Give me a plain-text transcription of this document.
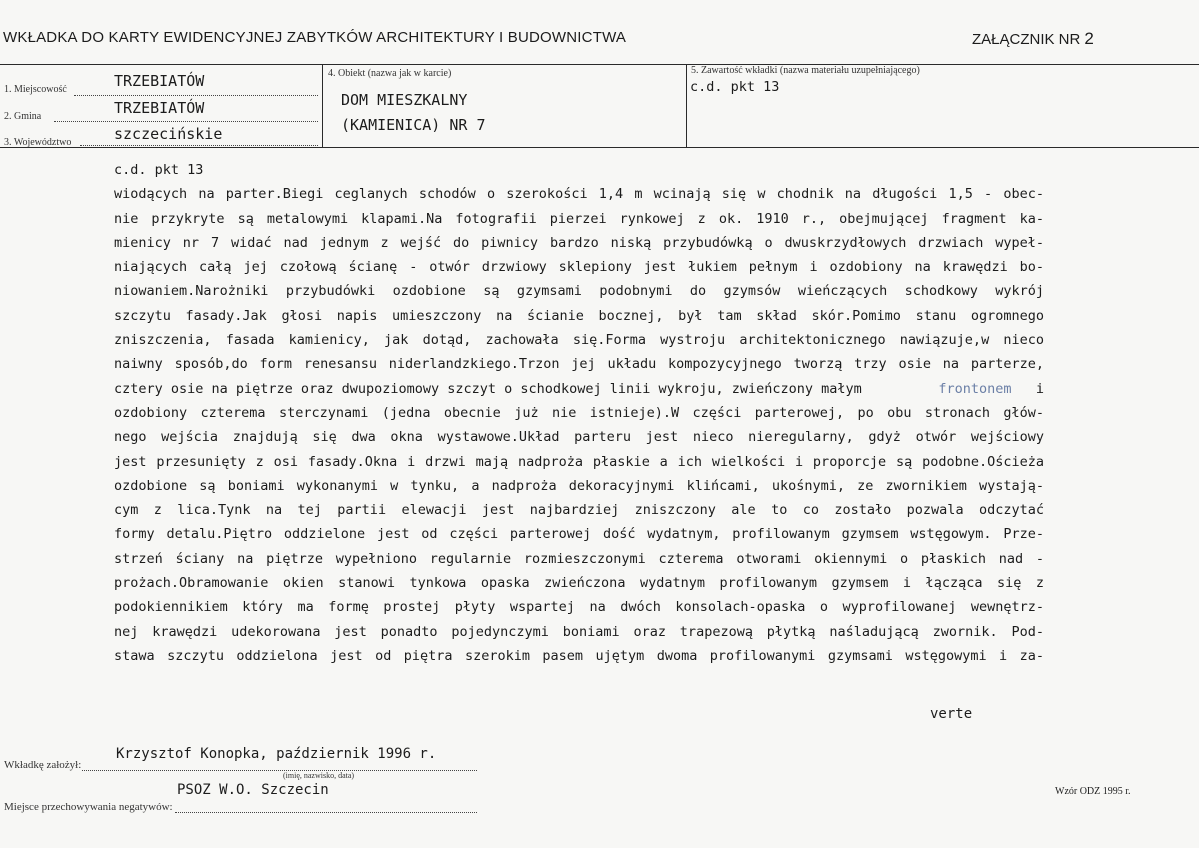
WKŁADKA DO KARTY EWIDENCYJNEJ ZABYTKÓW ARCHITEKTURY I BUDOWNICTWA	ZAŁĄCZNIK NR 2
1. Miejscowość	TRZEBIATÓW
2. Gmina	TRZEBIATÓW
3. Województwo	szczecińskie
4. Obiekt (nazwa jak w karcie)
DOM MIESZKALNY
(KAMIENICA) NR 7
5. Zawartość wkładki (nazwa materiału uzupełniającego)
c.d. pkt 13
c.d. pkt 13
wiodących na parter.Biegi ceglanych schodów o szerokości 1,4 m wcinają się w chodnik na długości 1,5 - obec-
nie przykryte są metalowymi klapami.Na fotografii pierzei rynkowej z ok. 1910 r., obejmującej fragment ka-
mienicy nr 7 widać nad jednym z wejść do piwnicy bardzo niską przybudówką o dwuskrzydłowych drzwiach wypeł-
niających całą jej czołową ścianę - otwór drzwiowy sklepiony jest łukiem pełnym i ozdobiony na krawędzi bo-
niowaniem.Narożniki przybudówki ozdobione są gzymsami podobnymi do gzymsów wieńczących schodkowy wykrój
szczytu fasady.Jak głosi napis umieszczony na ścianie bocznej, był tam skład skór.Pomimo stanu ogromnego
zniszczenia, fasada kamienicy, jak dotąd, zachowała się.Forma wystroju architektonicznego nawiązuje,w nieco
naiwny sposób,do form renesansu niderlandzkiego.Trzon jej układu kompozycyjnego tworzą trzy osie na parterze,
cztery osie na piętrze oraz dwupoziomowy szczyt o schodkowej linii wykroju, zwieńczony małym	frontonem i
ozdobiony czterema sterczynami (jedna obecnie już nie istnieje).W części parterowej, po obu stronach głów-
nego wejścia znajdują się dwa okna wystawowe.Układ parteru jest nieco nieregularny, gdyż otwór wejściowy
jest przesunięty z osi fasady.Okna i drzwi mają nadproża płaskie a ich wielkości i proporcje są podobne.Ościeża
ozdobione są boniami wykonanymi w tynku, a nadproża dekoracyjnymi klińcami, ukośnymi, ze zwornikiem wystają-
cym z lica.Tynk na tej partii elewacji jest najbardziej zniszczony ale to co zostało pozwala odczytać
formy detalu.Piętro oddzielone jest od części parterowej dość wydatnym, profilowanym gzymsem wstęgowym. Prze-
strzeń ściany na piętrze wypełniono regularnie rozmieszczonymi czterema otworami okiennymi o płaskich nad -
prożach.Obramowanie okien stanowi tynkowa opaska zwieńczona wydatnym profilowanym gzymsem i łącząca się z
podokiennikiem który ma formę prostej płyty wspartej na dwóch konsolach-opaska o wyprofilowanej wewnętrz-
nej krawędzi udekorowana jest ponadto pojedynczymi boniami oraz trapezową płytką naśladującą zwornik. Pod-
stawa szczytu oddzielona jest od piętra szerokim pasem ujętym dwoma profilowanymi gzymsami wstęgowymi i za-
verte
Wkładkę założył:
Krzysztof Konopka, październik 1996 r.
(imię, nazwisko, data)
Miejsce przechowywania negatywów:
PSOZ W.O. Szczecin	Wzór ODZ 1995 r.
